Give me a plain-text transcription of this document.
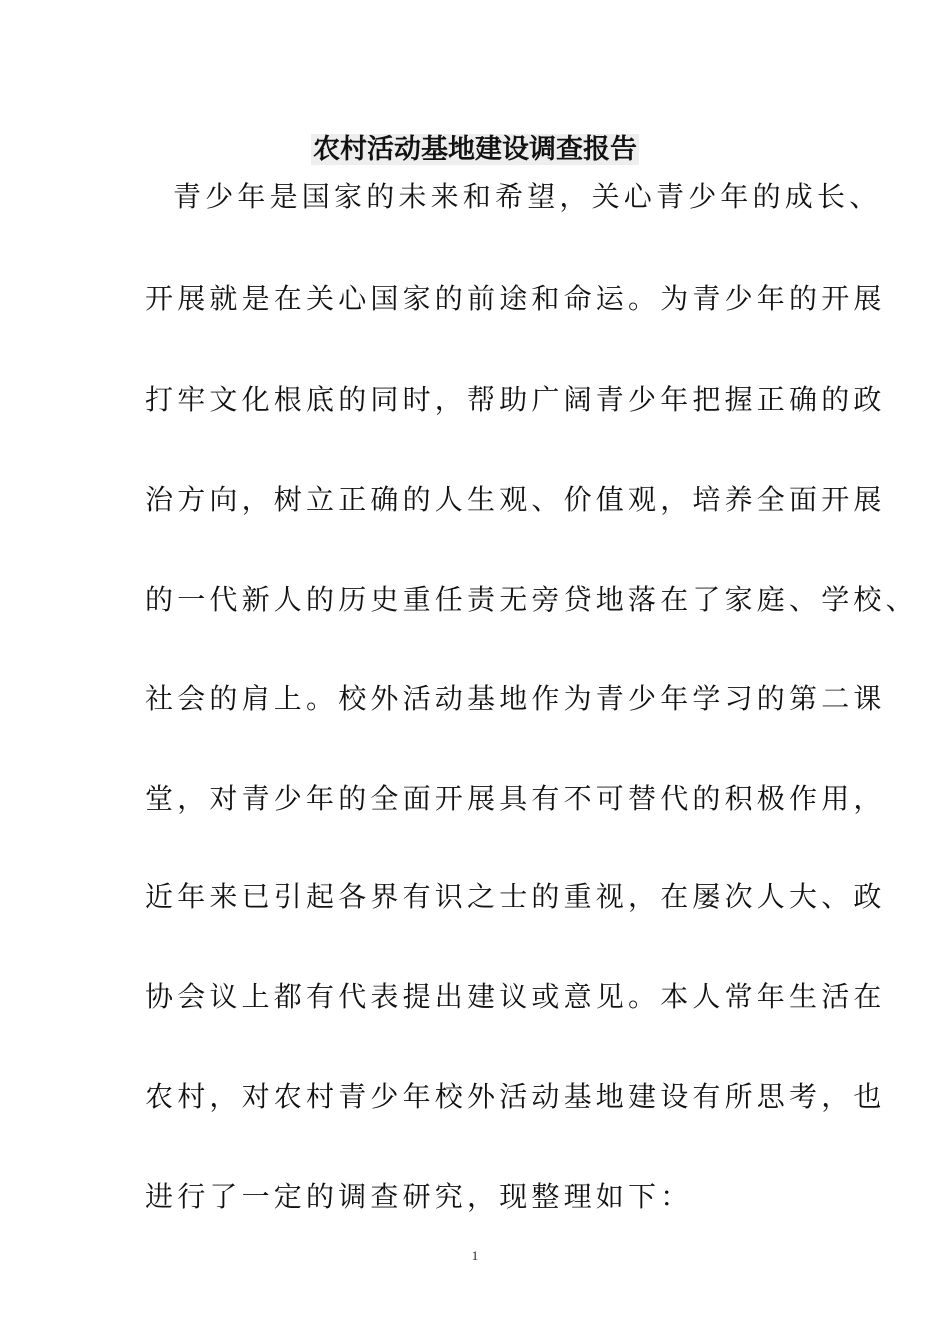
农村活动基地建设调查报告
青少年是国家的未来和希望，关心青少年的成长、
开展就是在关心国家的前途和命运。为青少年的开展
打牢文化根底的同时，帮助广阔青少年把握正确的政
治方向，树立正确的人生观、价值观，培养全面开展
的一代新人的历史重任责无旁贷地落在了家庭、学校、
社会的肩上。校外活动基地作为青少年学习的第二课
堂，对青少年的全面开展具有不可替代的积极作用，
近年来已引起各界有识之士的重视，在屡次人大、政
协会议上都有代表提出建议或意见。本人常年生活在
农村，对农村青少年校外活动基地建设有所思考，也
进行了一定的调查研究，现整理如下：
1
